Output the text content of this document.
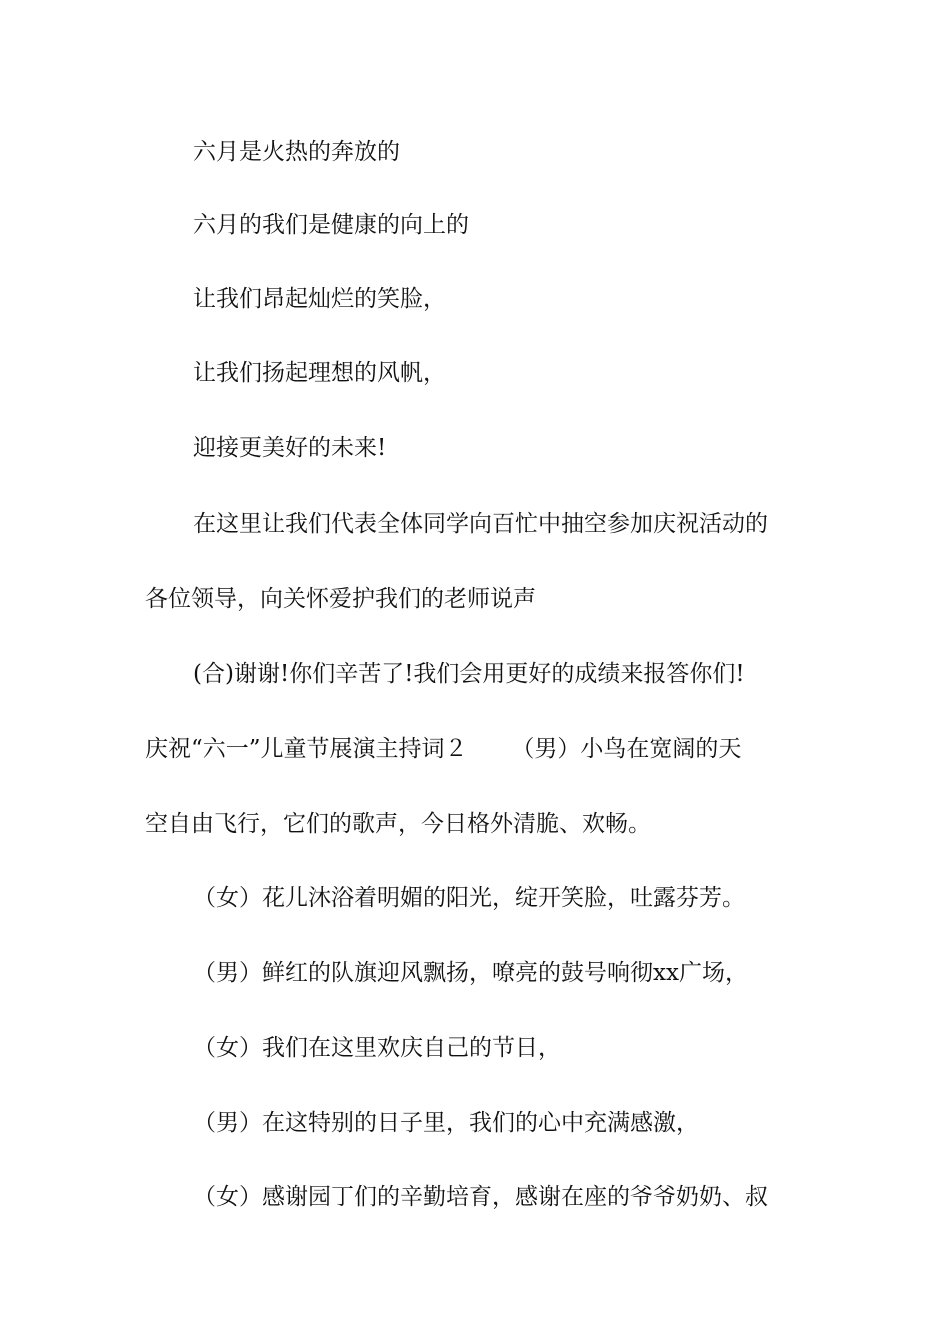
六月是火热的奔放的

六月的我们是健康的向上的

让我们昂起灿烂的笑脸，

让我们扬起理想的风帆，

迎接更美好的未来!

在这里让我们代表全体同学向百忙中抽空参加庆祝活动的

各位领导，向关怀爱护我们的老师说声

(合)谢谢!你们辛苦了!我们会用更好的成绩来报答你们!

庆祝“六一”儿童节展演主持词２      （男）小鸟在宽阔的天

空自由飞行，它们的歌声，今日格外清脆、欢畅。

（女）花儿沐浴着明媚的阳光，绽开笑脸，吐露芬芳。

（男）鲜红的队旗迎风飘扬，嘹亮的鼓号响彻xx广场，

（女）我们在这里欢庆自己的节日，

（男）在这特别的日子里，我们的心中充满感激，

（女）感谢园丁们的辛勤培育，感谢在座的爷爷奶奶、叔
